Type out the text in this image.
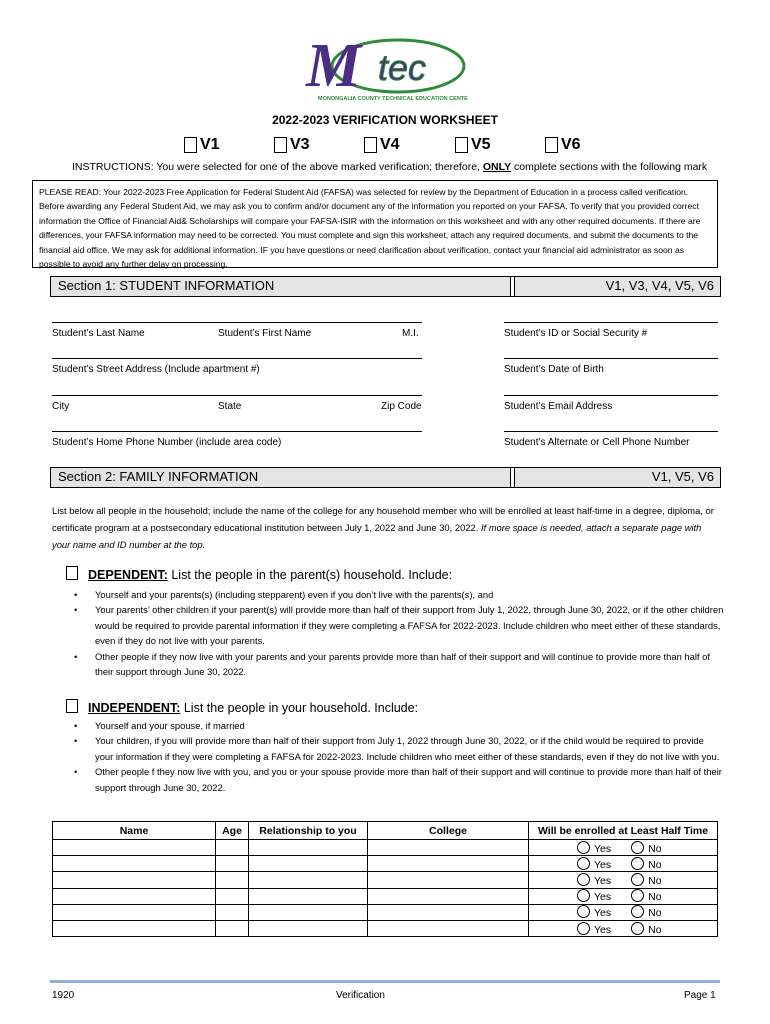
M tec
MONONGALIA COUNTY TECHNICAL EDUCATION CENTER
2022-2023 VERIFICATION WORKSHEET
V1	V3	V4	V5	V6
INSTRUCTIONS: You were selected for one of the above marked verification; therefore, ONLY complete sections with the following mark
PLEASE READ: Your 2022-2023 Free Application for Federal Student Aid (FAFSA) was selected for review by the Department of Education in a process called verification. Before awarding any Federal Student Aid, we may ask you to confirm and/or document any of the information you reported on your FAFSA. To verify that you provided correct information the Office of Financial Aid& Scholarships will compare your FAFSA-ISIR with the information on this worksheet and with any other required documents. If there are differences, your FAFSA information may need to be corrected. You must complete and sign this worksheet, attach any required documents, and submit the documents to the financial aid office. We may ask for additional information. IF you have questions or need clarification about verification, contact your financial aid administrator as soon as possible to avoid any further delay on processing.
Section 1: STUDENT INFORMATION	V1, V3, V4, V5, V6
Student’s Last Name	Student’s First Name	M.I.	Student’s ID or Social Security #
Student’s Street Address (Include apartment #)	Student’s Date of Birth
City	State	Zip Code	Student’s Email Address
Student’s Home Phone Number (include area code)	Student’s Alternate or Cell Phone Number
Section 2: FAMILY INFORMATION	V1, V5, V6
List below all people in the household; include the name of the college for any household member who will be enrolled at least half-time in a degree, diploma, or certificate program at a postsecondary educational institution between July 1, 2022 and June 30, 2022. If more space is needed, attach a separate page with your name and ID number at the top.
DEPENDENT: List the people in the parent(s) household. Include:
• Yourself and your parents(s) (including stepparent) even if you don’t live with the parents(s), and
• Your parents’ other children if your parent(s) will provide more than half of their support from July 1, 2022, through June 30, 2022, or if the other children would be required to provide parental information if they were completing a FAFSA for 2022-2023. Include children who meet either of these standards, even if they do not live with your parents.
• Other people if they now live with your parents and your parents provide more than half of their support and will continue to provide more than half of their support through June 30, 2022.
INDEPENDENT: List the people in your household. Include:
• Yourself and your spouse, if married
• Your children, if you will provide more than half of their support from July 1, 2022 through June 30, 2022, or if the child would be required to provide your information if they were completing a FAFSA for 2022-2023. Include children who meet either of these standards, even if they do not live with you.
• Other people f they now live with you, and you or your spouse provide more than half of their support and will continue to provide more than half of their support through June 30, 2022.
Name	Age	Relationship to you	College	Will be enrolled at Least Half Time

				Yes No

				Yes No

				Yes No

				Yes No

				Yes No

				Yes No
1920	Verification	Page 1
